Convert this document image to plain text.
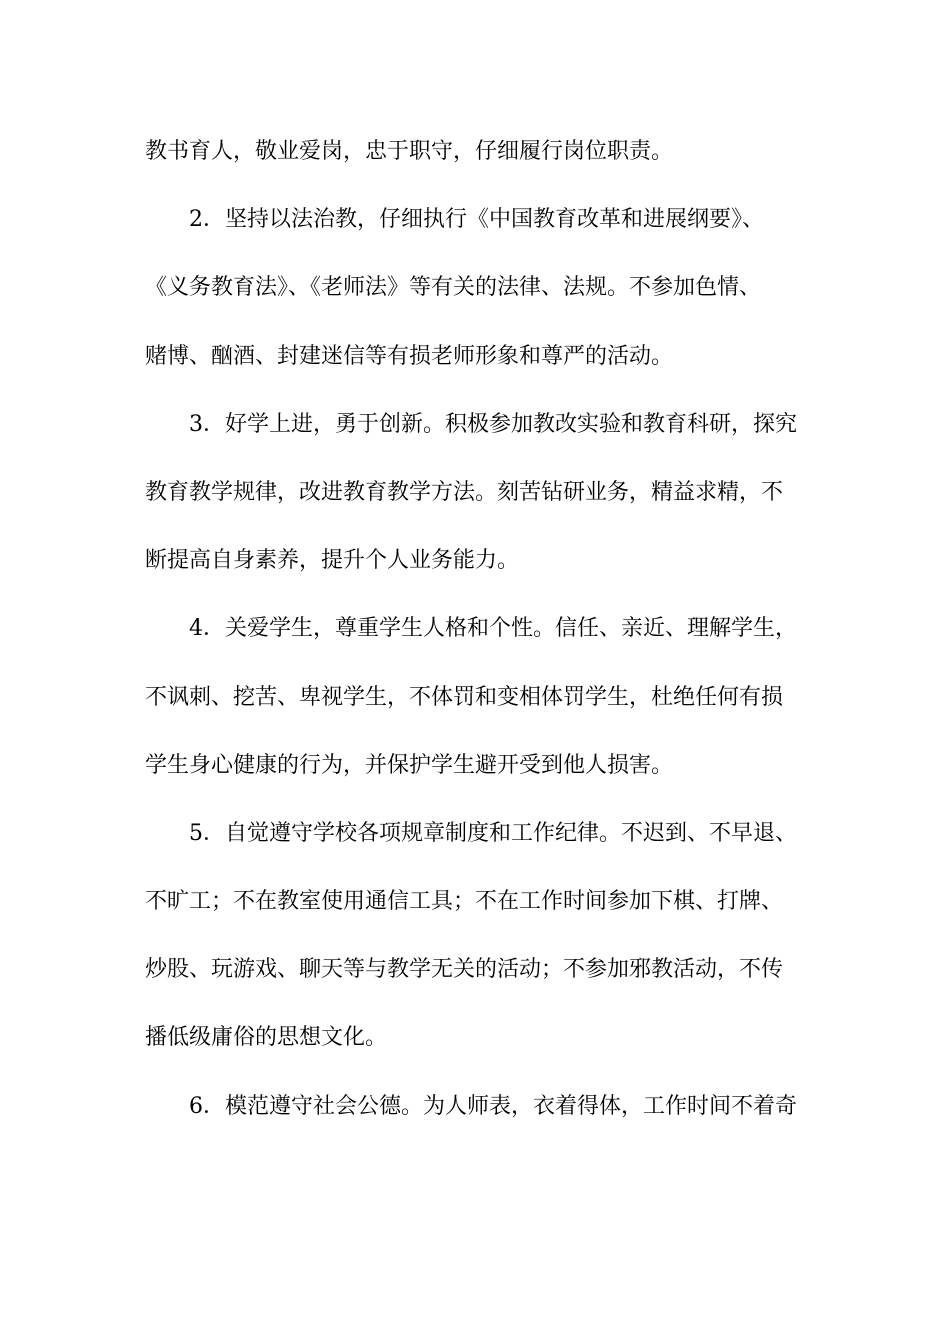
教书育人，敬业爱岗，忠于职守，仔细履行岗位职责。
2．坚持以法治教，仔细执行《中国教育改革和进展纲要》、
《义务教育法》、《老师法》等有关的法律、法规。不参加色情、
赌博、酗酒、封建迷信等有损老师形象和尊严的活动。
3．好学上进，勇于创新。积极参加教改实验和教育科研，探究
教育教学规律，改进教育教学方法。刻苦钻研业务，精益求精，不
断提高自身素养，提升个人业务能力。
4．关爱学生，尊重学生人格和个性。信任、亲近、理解学生，
不讽刺、挖苦、卑视学生，不体罚和变相体罚学生，杜绝任何有损
学生身心健康的行为，并保护学生避开受到他人损害。
5．自觉遵守学校各项规章制度和工作纪律。不迟到、不早退、
不旷工；不在教室使用通信工具；不在工作时间参加下棋、打牌、
炒股、玩游戏、聊天等与教学无关的活动；不参加邪教活动，不传
播低级庸俗的思想文化。
6．模范遵守社会公德。为人师表，衣着得体，工作时间不着奇
